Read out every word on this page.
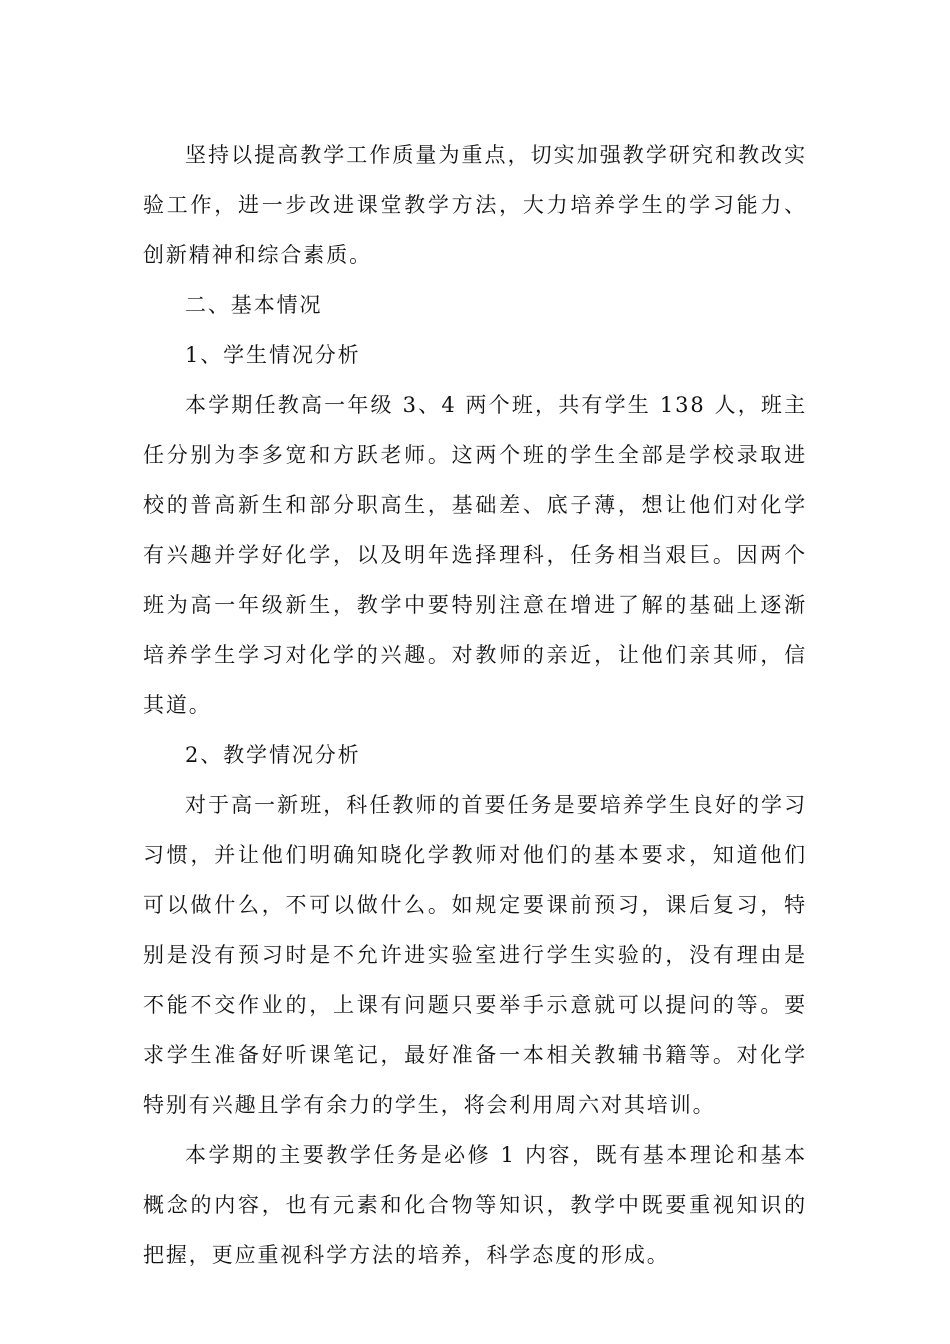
坚持以提高教学工作质量为重点，切实加强教学研究和教改实验工作，进一步改进课堂教学方法，大力培养学生的学习能力、创新精神和综合素质。

二、基本情况

1、学生情况分析

本学期任教高一年级 3、4 两个班，共有学生 138 人，班主任分别为李多宽和方跃老师。这两个班的学生全部是学校录取进校的普高新生和部分职高生，基础差、底子薄，想让他们对化学有兴趣并学好化学，以及明年选择理科，任务相当艰巨。因两个班为高一年级新生，教学中要特别注意在增进了解的基础上逐渐培养学生学习对化学的兴趣。对教师的亲近，让他们亲其师，信其道。

2、教学情况分析

对于高一新班，科任教师的首要任务是要培养学生良好的学习习惯，并让他们明确知晓化学教师对他们的基本要求，知道他们可以做什么，不可以做什么。如规定要课前预习，课后复习，特别是没有预习时是不允许进实验室进行学生实验的，没有理由是不能不交作业的，上课有问题只要举手示意就可以提问的等。要求学生准备好听课笔记，最好准备一本相关教辅书籍等。对化学特别有兴趣且学有余力的学生，将会利用周六对其培训。

本学期的主要教学任务是必修 1 内容，既有基本理论和基本概念的内容，也有元素和化合物等知识，教学中既要重视知识的把握，更应重视科学方法的培养，科学态度的形成。
